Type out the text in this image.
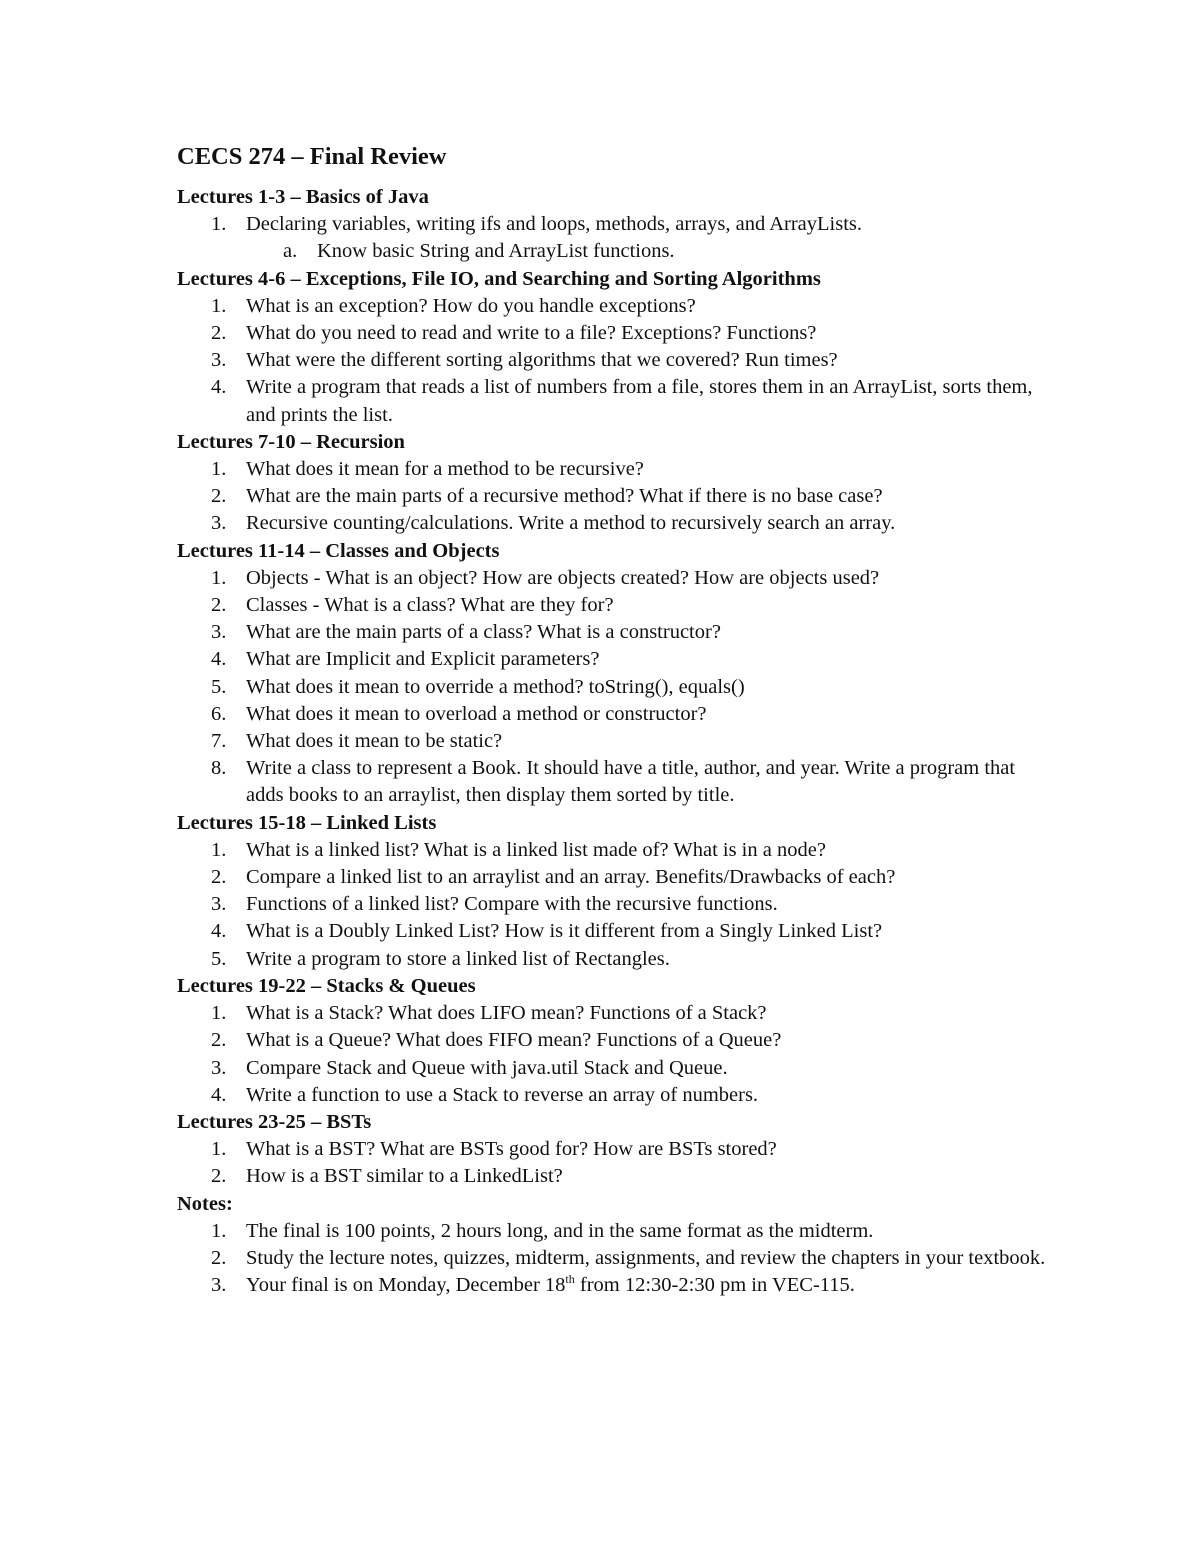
CECS 274 – Final Review
Lectures 1-3 – Basics of Java
1. Declaring variables, writing ifs and loops, methods, arrays, and ArrayLists.
a. Know basic String and ArrayList functions.
Lectures 4-6 – Exceptions, File IO, and Searching and Sorting Algorithms
1. What is an exception? How do you handle exceptions?
2. What do you need to read and write to a file? Exceptions? Functions?
3. What were the different sorting algorithms that we covered? Run times?
4. Write a program that reads a list of numbers from a file, stores them in an ArrayList, sorts them, and prints the list.
Lectures 7-10 – Recursion
1. What does it mean for a method to be recursive?
2. What are the main parts of a recursive method? What if there is no base case?
3. Recursive counting/calculations. Write a method to recursively search an array.
Lectures 11-14 – Classes and Objects
1. Objects - What is an object? How are objects created? How are objects used?
2. Classes - What is a class? What are they for?
3. What are the main parts of a class? What is a constructor?
4. What are Implicit and Explicit parameters?
5. What does it mean to override a method? toString(), equals()
6. What does it mean to overload a method or constructor?
7. What does it mean to be static?
8. Write a class to represent a Book. It should have a title, author, and year. Write a program that adds books to an arraylist, then display them sorted by title.
Lectures 15-18 – Linked Lists
1. What is a linked list? What is a linked list made of? What is in a node?
2. Compare a linked list to an arraylist and an array. Benefits/Drawbacks of each?
3. Functions of a linked list? Compare with the recursive functions.
4. What is a Doubly Linked List? How is it different from a Singly Linked List?
5. Write a program to store a linked list of Rectangles.
Lectures 19-22 – Stacks & Queues
1. What is a Stack? What does LIFO mean? Functions of a Stack?
2. What is a Queue? What does FIFO mean? Functions of a Queue?
3. Compare Stack and Queue with java.util Stack and Queue.
4. Write a function to use a Stack to reverse an array of numbers.
Lectures 23-25 – BSTs
1. What is a BST? What are BSTs good for? How are BSTs stored?
2. How is a BST similar to a LinkedList?
Notes:
1. The final is 100 points, 2 hours long, and in the same format as the midterm.
2. Study the lecture notes, quizzes, midterm, assignments, and review the chapters in your textbook.
3. Your final is on Monday, December 18th from 12:30-2:30 pm in VEC-115.
